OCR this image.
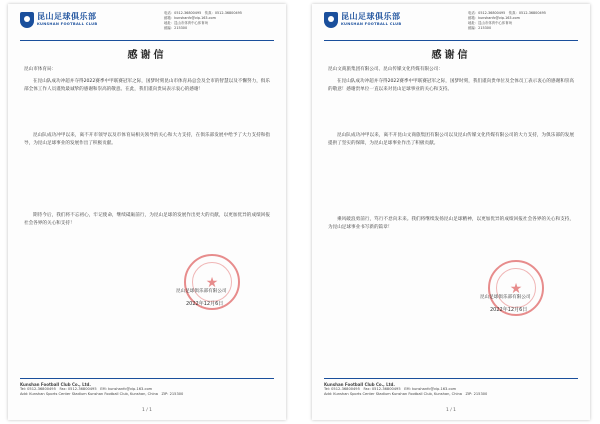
昆山足球俱乐部
KUNSHAN FOOTBALL CLUB
电话：0512-36800495　传真：0512-36800495
邮箱：kunshanfc@vip.163.com
地址：昆山市体育中心体育场
邮编：215300
感谢信
昆山市体育局：

在昆山队成功冲超并夺得2022赛季中甲联赛冠军之际，国梦时刻昆山市体育局总会及全市的智慧以及不懈努力，俱乐部全体工作人员谨致最诚挚的感谢和崇高的敬意。在此，我们谨向贵局表示衷心的感谢！

昆山队成功冲甲以来，离不开市领导以及市体育局相关领导的关心和大力支持，在俱乐部发展中给予了大力支持和指导，为昆山足球事业的发展作出了积极贡献。

期待今后，我们将不忘初心，牢记使命，继续砥砺前行，为昆山足球的发展作出更大的贡献，以更加优异的成绩回报社会各界的关心和支持！

★
昆山足球俱乐部有限公司
2022年12月6日
Kunshan Football Club Co., Ltd.
Tel: 0512-36800495　Fax: 0512-36800495　EM: kunshanfc@vip.163.com
Add: Kunshan Sports Center Stadium Kunshan Football Club, Kunshan, China　ZIP: 215300
1 / 1
昆山足球俱乐部
KUNSHAN FOOTBALL CLUB
电话：0512-36800495　传真：0512-36800495
邮箱：kunshanfc@vip.163.com
地址：昆山市体育中心体育场
邮编：215300
感谢信
昆山文商旅集团有限公司、昆山传媒文化传媒有限公司：

在昆山队成功冲超并夺得2022赛季中甲联赛冠军之际，国梦时刻，我们谨向贵单位及全体员工表示衷心的感谢和崇高的敬意！感谢贵单位一直以来对昆山足球事业的关心和支持。

昆山队成功冲甲以来，离不开昆山文商旅集团有限公司以及昆山传媒文化传媒有限公司的大力支持，为俱乐部的发展提供了坚实的保障，为昆山足球事业作出了积极贡献。

乘风破浪勇前行，笃行不怠向未来。我们将继续发扬昆山足球精神，以更加优异的成绩回报社会各界的关心和支持，为昆山足球事业书写新的篇章！

★
昆山足球俱乐部有限公司
2022年12月6日
Kunshan Football Club Co., Ltd.
Tel: 0512-36800495　Fax: 0512-36800495　EM: kunshanfc@vip.163.com
Add: Kunshan Sports Center Stadium Kunshan Football Club, Kunshan, China　ZIP: 215300
1 / 1
